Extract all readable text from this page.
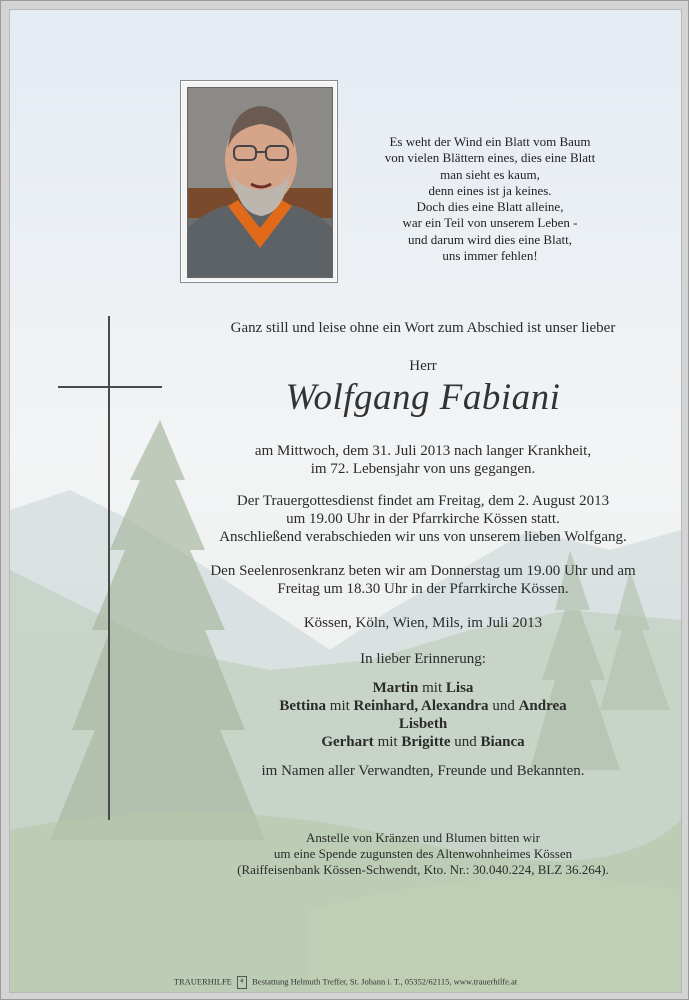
Es weht der Wind ein Blatt vom Baum
von vielen Blättern eines, dies eine Blatt
man sieht es kaum,
denn eines ist ja keines.
Doch dies eine Blatt alleine,
war ein Teil von unserem Leben -
und darum wird dies eine Blatt,
uns immer fehlen!
Ganz still und leise ohne ein Wort zum Abschied ist unser lieber
Herr
Wolfgang Fabiani
am Mittwoch, dem 31. Juli 2013 nach langer Krankheit,
im 72. Lebensjahr von uns gegangen.
Der Trauergottesdienst findet am Freitag, dem 2. August 2013
um 19.00 Uhr in der Pfarrkirche Kössen statt.
Anschließend verabschieden wir uns von unserem lieben Wolfgang.
Den Seelenrosenkranz beten wir am Donnerstag um 19.00 Uhr und am
Freitag um 18.30 Uhr in der Pfarrkirche Kössen.
Kössen, Köln, Wien, Mils, im Juli 2013
In lieber Erinnerung:
Martin mit Lisa
Bettina mit Reinhard, Alexandra und Andrea
Lisbeth
Gerhart mit Brigitte und Bianca
im Namen aller Verwandten, Freunde und Bekannten.
Anstelle von Kränzen und Blumen bitten wir
um eine Spende zugunsten des Altenwohnheimes Kössen
(Raiffeisenbank Kössen-Schwendt, Kto. Nr.: 30.040.224, BLZ 36.264).
TRAUERHILFE ⚘ Bestattung Helmuth Treffer, St. Johann i. T., 05352/62115, www.trauerhilfe.at
